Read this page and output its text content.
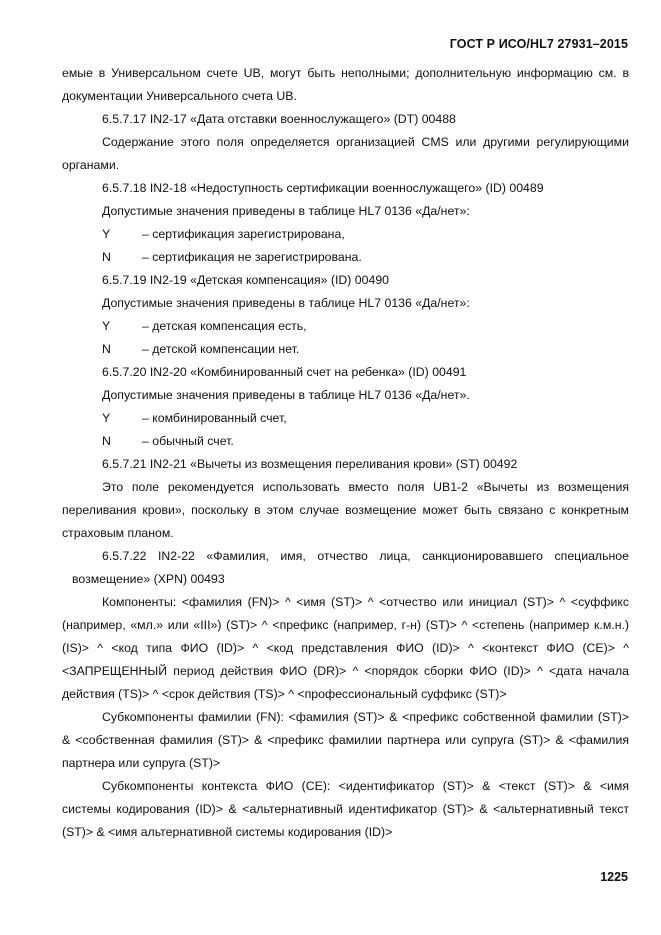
ГОСТ Р ИСО/HL7 27931–2015

емые в Универсальном счете UB, могут быть неполными; дополнительную информацию см. в документации Универсального счета UB.

6.5.7.17 IN2-17 «Дата отставки военнослужащего» (DT) 00488

Содержание этого поля определяется организацией CMS или другими регулирующими органами.

6.5.7.18 IN2-18 «Недоступность сертификации военнослужащего» (ID) 00489

Допустимые значения приведены в таблице HL7 0136 «Да/нет»:

Y	– сертификация зарегистрирована,

N	– сертификация не зарегистрирована.

6.5.7.19 IN2-19 «Детская компенсация» (ID) 00490

Допустимые значения приведены в таблице HL7 0136 «Да/нет»:

Y	– детская компенсация есть,

N	– детской компенсации нет.

6.5.7.20 IN2-20 «Комбинированный счет на ребенка» (ID) 00491

Допустимые значения приведены в таблице HL7 0136 «Да/нет».

Y	– комбинированный счет,

N	– обычный счет.

6.5.7.21 IN2-21 «Вычеты из возмещения переливания крови» (ST) 00492

Это поле рекомендуется использовать вместо поля UB1-2 «Вычеты из возмещения переливания крови», поскольку в этом случае возмещение может быть связано с конкретным страховым планом.

6.5.7.22 IN2-22 «Фамилия, имя, отчество лица, санкционировавшего специальное возмещение» (XPN) 00493

Компоненты: <фамилия (FN)> ^ <имя (ST)> ^ <отчество или инициал (ST)> ^ <суффикс (например, «мл.» или «III») (ST)> ^ <префикс (например, г-н) (ST)> ^ <степень (например к.м.н.) (IS)> ^ <код типа ФИО (ID)> ^ <код представления ФИО (ID)> ^ <контекст ФИО (CE)> ^ <ЗАПРЕЩЕННЫЙ период действия ФИО (DR)> ^ <порядок сборки ФИО (ID)> ^ <дата начала действия (TS)> ^ <срок действия (TS)> ^ <профессиональный суффикс (ST)>

Субкомпоненты фамилии (FN): <фамилия (ST)> & <префикс собственной фамилии (ST)> & <собственная фамилия (ST)> & <префикс фамилии партнера или супруга (ST)> & <фамилия партнера или супруга (ST)>

Субкомпоненты контекста ФИО (CE): <идентификатор (ST)> & <текст (ST)> & <имя системы кодирования (ID)> & <альтернативный идентификатор (ST)> & <альтернативный текст (ST)> & <имя альтернативной системы кодирования (ID)>

1225
